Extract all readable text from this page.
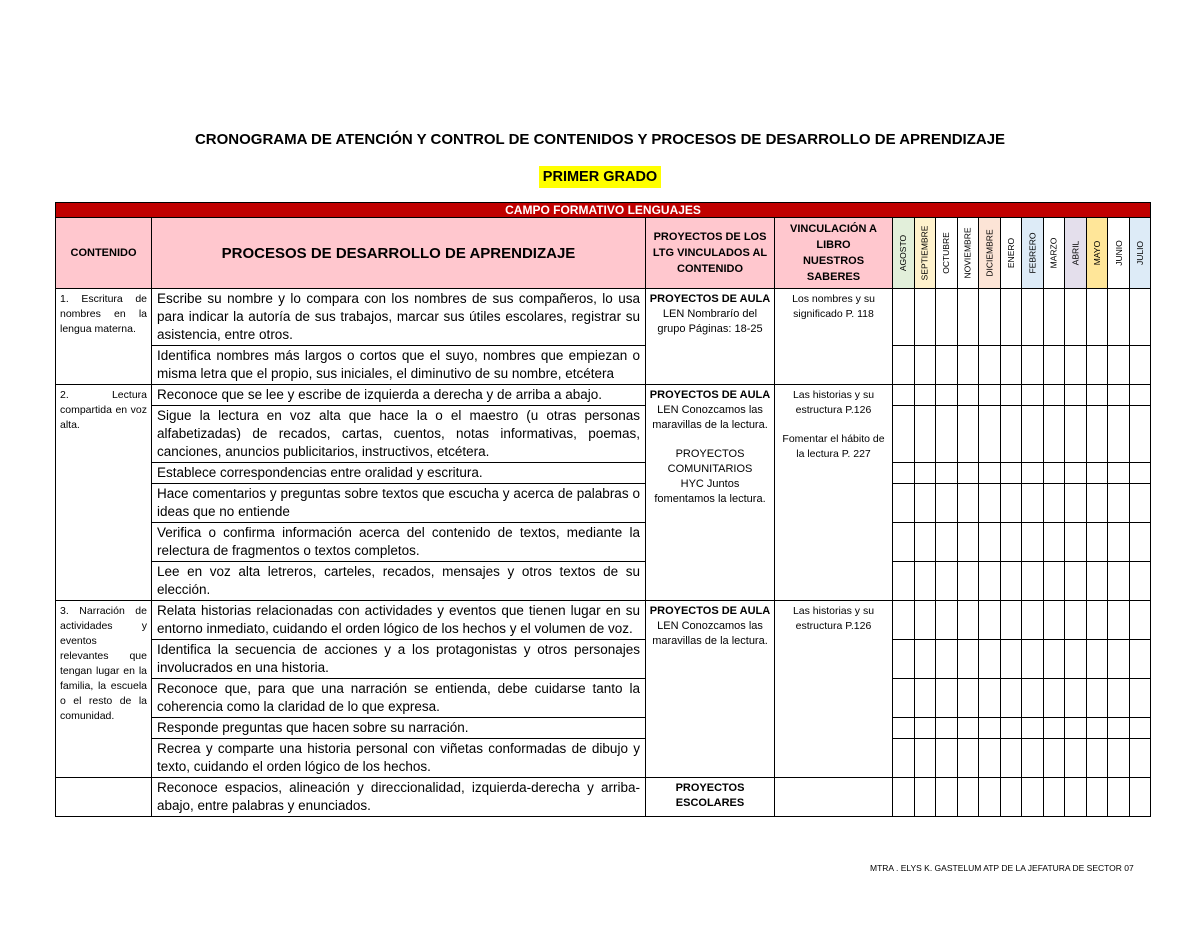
CRONOGRAMA DE ATENCIÓN Y CONTROL DE CONTENIDOS Y PROCESOS DE DESARROLLO DE APRENDIZAJE
PRIMER GRADO
CAMPO FORMATIVO LENGUAJES															
CONTENIDO	PROCESOS DE DESARROLLO DE APRENDIZAJE	PROYECTOS DE LOS LTG VINCULADOS AL CONTENIDO	VINCULACIÓN A LIBRO NUESTROS SABERES	AGOSTO	SEPTIEMBRE	OCTUBRE	NOVIEMBRE	DICIEMBRE	ENERO	FEBRERO	MARZO	ABRIL	MAYO	JUNIO	JULIO

1. Escritura de nombres en la lengua materna.	Escribe su nombre y lo compara con los nombres de sus compañeros, lo usa para indicar la autoría de sus trabajos, marcar sus útiles escolares, registrar su asistencia, entre otros.	PROYECTOS DE AULA
LEN Nombrarío del grupo Páginas: 18-25	Los nombres y su significado P. 118												

	Identifica nombres más largos o cortos que el suyo, nombres que empiezan o misma letra que el propio, sus iniciales, el diminutivo de su nombre, etcétera														
2. Lectura compartida en voz alta.	Reconoce que se lee y escribe de izquierda a derecha y de arriba a abajo.	PROYECTOS DE AULA
LEN Conozcamos las maravillas de la lectura.
PROYECTOS COMUNITARIOS
HYC Juntos fomentamos la lectura.	Las historias y su estructura P.126
Fomentar el hábito de la lectura P. 227												

	Sigue la lectura en voz alta que hace la o el maestro (u otras personas alfabetizadas) de recados, cartas, cuentos, notas informativas, poemas, canciones, anuncios publicitarios, instructivos, etcétera.														
	Establece correspondencias entre oralidad y escritura.														
	Hace comentarios y preguntas sobre textos que escucha y acerca de palabras o ideas que no entiende														
	Verifica o confirma información acerca del contenido de textos, mediante la relectura de fragmentos o textos completos.														
	Lee en voz alta letreros, carteles, recados, mensajes y otros textos de su elección.														
3. Narración de actividades y eventos relevantes que tengan lugar en la familia, la escuela o el resto de la comunidad.	Relata historias relacionadas con actividades y eventos que tienen lugar en su entorno inmediato, cuidando el orden lógico de los hechos y el volumen de voz.	PROYECTOS DE AULA
LEN Conozcamos las maravillas de la lectura.	Las historias y su estructura P.126												

	Identifica la secuencia de acciones y a los protagonistas y otros personajes involucrados en una historia.														
	Reconoce que, para que una narración se entienda, debe cuidarse tanto la coherencia como la claridad de lo que expresa.														
	Responde preguntas que hacen sobre su narración.														
	Recrea y comparte una historia personal con viñetas conformadas de dibujo y texto, cuidando el orden lógico de los hechos.														
	Reconoce espacios, alineación y direccionalidad, izquierda-derecha y arriba-abajo, entre palabras y enunciados.	PROYECTOS ESCOLARES													

MTRA . ELYS K. GASTELUM ATP DE LA JEFATURA DE SECTOR 07
